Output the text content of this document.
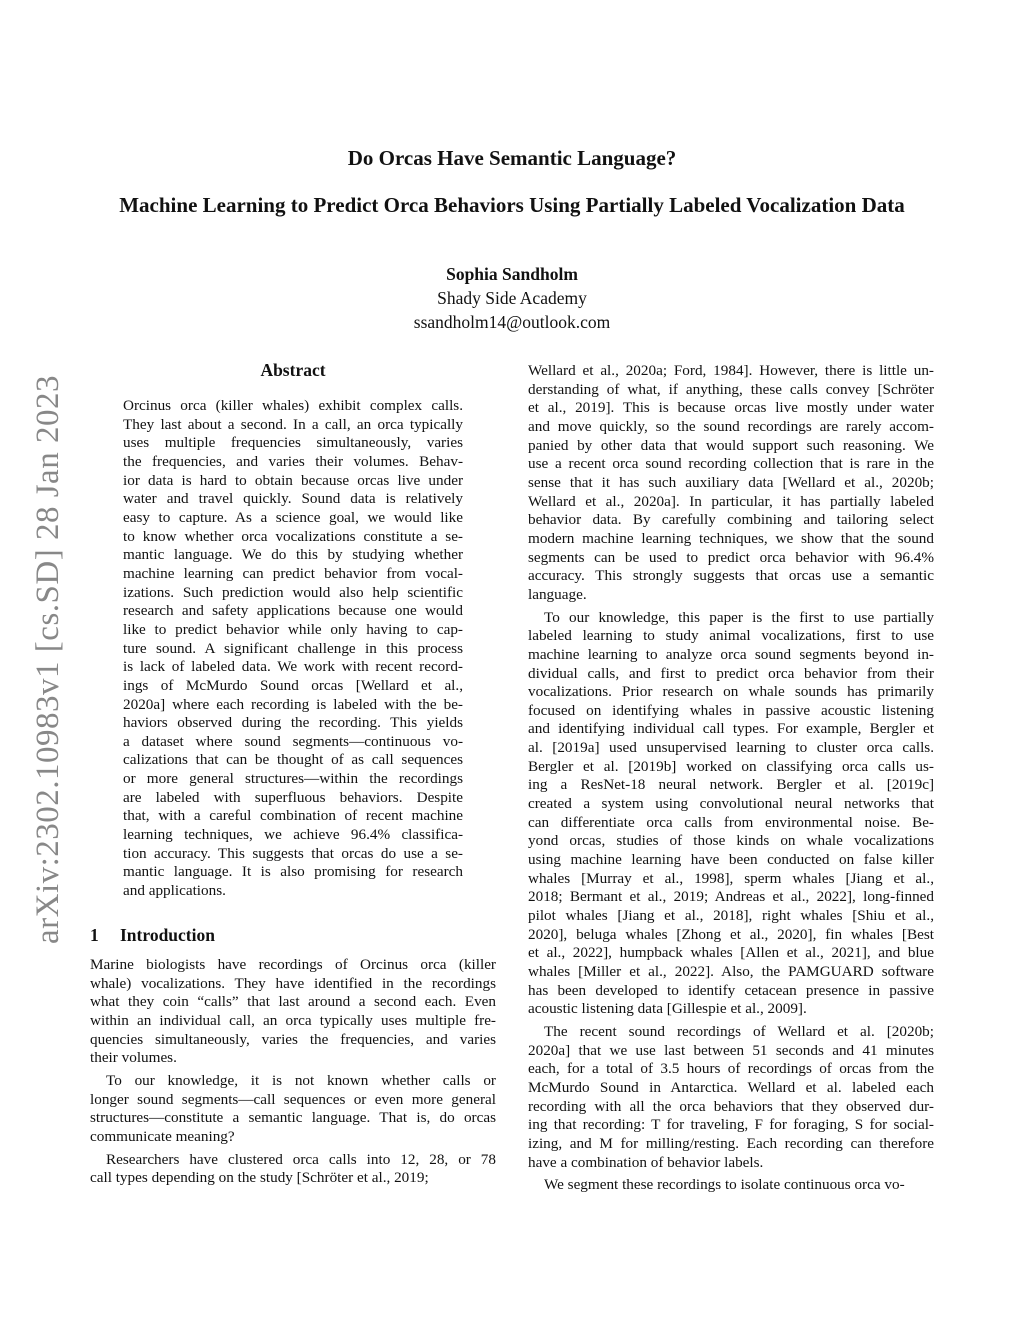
Do Orcas Have Semantic Language?
Machine Learning to Predict Orca Behaviors Using Partially Labeled Vocalization Data
Sophia Sandholm
Shady Side Academy
ssandholm14@outlook.com
arXiv:2302.10983v1 [cs.SD] 28 Jan 2023
Abstract
Orcinus orca (killer whales) exhibit complex calls.
They last about a second. In a call, an orca typically
uses multiple frequencies simultaneously, varies
the frequencies, and varies their volumes. Behav-
ior data is hard to obtain because orcas live under
water and travel quickly. Sound data is relatively
easy to capture. As a science goal, we would like
to know whether orca vocalizations constitute a se-
mantic language. We do this by studying whether
machine learning can predict behavior from vocal-
izations. Such prediction would also help scientific
research and safety applications because one would
like to predict behavior while only having to cap-
ture sound. A significant challenge in this process
is lack of labeled data. We work with recent record-
ings of McMurdo Sound orcas [Wellard et al.,
2020a] where each recording is labeled with the be-
haviors observed during the recording. This yields
a dataset where sound segments—continuous vo-
calizations that can be thought of as call sequences
or more general structures—within the recordings
are labeled with superfluous behaviors. Despite
that, with a careful combination of recent machine
learning techniques, we achieve 96.4% classifica-
tion accuracy. This suggests that orcas do use a se-
mantic language. It is also promising for research
and applications.
1 Introduction

Marine biologists have recordings of Orcinus orca (killer
whale) vocalizations. They have identified in the recordings
what they coin “calls” that last around a second each. Even
within an individual call, an orca typically uses multiple fre-
quencies simultaneously, varies the frequencies, and varies
their volumes.

To our knowledge, it is not known whether calls or
longer sound segments—call sequences or even more general
structures—constitute a semantic language. That is, do orcas
communicate meaning?

Researchers have clustered orca calls into 12, 28, or 78
call types depending on the study [Schröter et al., 2019;

Wellard et al., 2020a; Ford, 1984]. However, there is little un-
derstanding of what, if anything, these calls convey [Schröter
et al., 2019]. This is because orcas live mostly under water
and move quickly, so the sound recordings are rarely accom-
panied by other data that would support such reasoning. We
use a recent orca sound recording collection that is rare in the
sense that it has such auxiliary data [Wellard et al., 2020b;
Wellard et al., 2020a]. In particular, it has partially labeled
behavior data. By carefully combining and tailoring select
modern machine learning techniques, we show that the sound
segments can be used to predict orca behavior with 96.4%
accuracy. This strongly suggests that orcas use a semantic
language.

To our knowledge, this paper is the first to use partially
labeled learning to study animal vocalizations, first to use
machine learning to analyze orca sound segments beyond in-
dividual calls, and first to predict orca behavior from their
vocalizations. Prior research on whale sounds has primarily
focused on identifying whales in passive acoustic listening
and identifying individual call types. For example, Bergler et
al. [2019a] used unsupervised learning to cluster orca calls.
Bergler et al. [2019b] worked on classifying orca calls us-
ing a ResNet-18 neural network. Bergler et al. [2019c]
created a system using convolutional neural networks that
can differentiate orca calls from environmental noise. Be-
yond orcas, studies of those kinds on whale vocalizations
using machine learning have been conducted on false killer
whales [Murray et al., 1998], sperm whales [Jiang et al.,
2018; Bermant et al., 2019; Andreas et al., 2022], long-finned
pilot whales [Jiang et al., 2018], right whales [Shiu et al.,
2020], beluga whales [Zhong et al., 2020], fin whales [Best
et al., 2022], humpback whales [Allen et al., 2021], and blue
whales [Miller et al., 2022]. Also, the PAMGUARD software
has been developed to identify cetacean presence in passive
acoustic listening data [Gillespie et al., 2009].

The recent sound recordings of Wellard et al. [2020b;
2020a] that we use last between 51 seconds and 41 minutes
each, for a total of 3.5 hours of recordings of orcas from the
McMurdo Sound in Antarctica. Wellard et al. labeled each
recording with all the orca behaviors that they observed dur-
ing that recording: T for traveling, F for foraging, S for social-
izing, and M for milling/resting. Each recording can therefore
have a combination of behavior labels.

We segment these recordings to isolate continuous orca vo-
